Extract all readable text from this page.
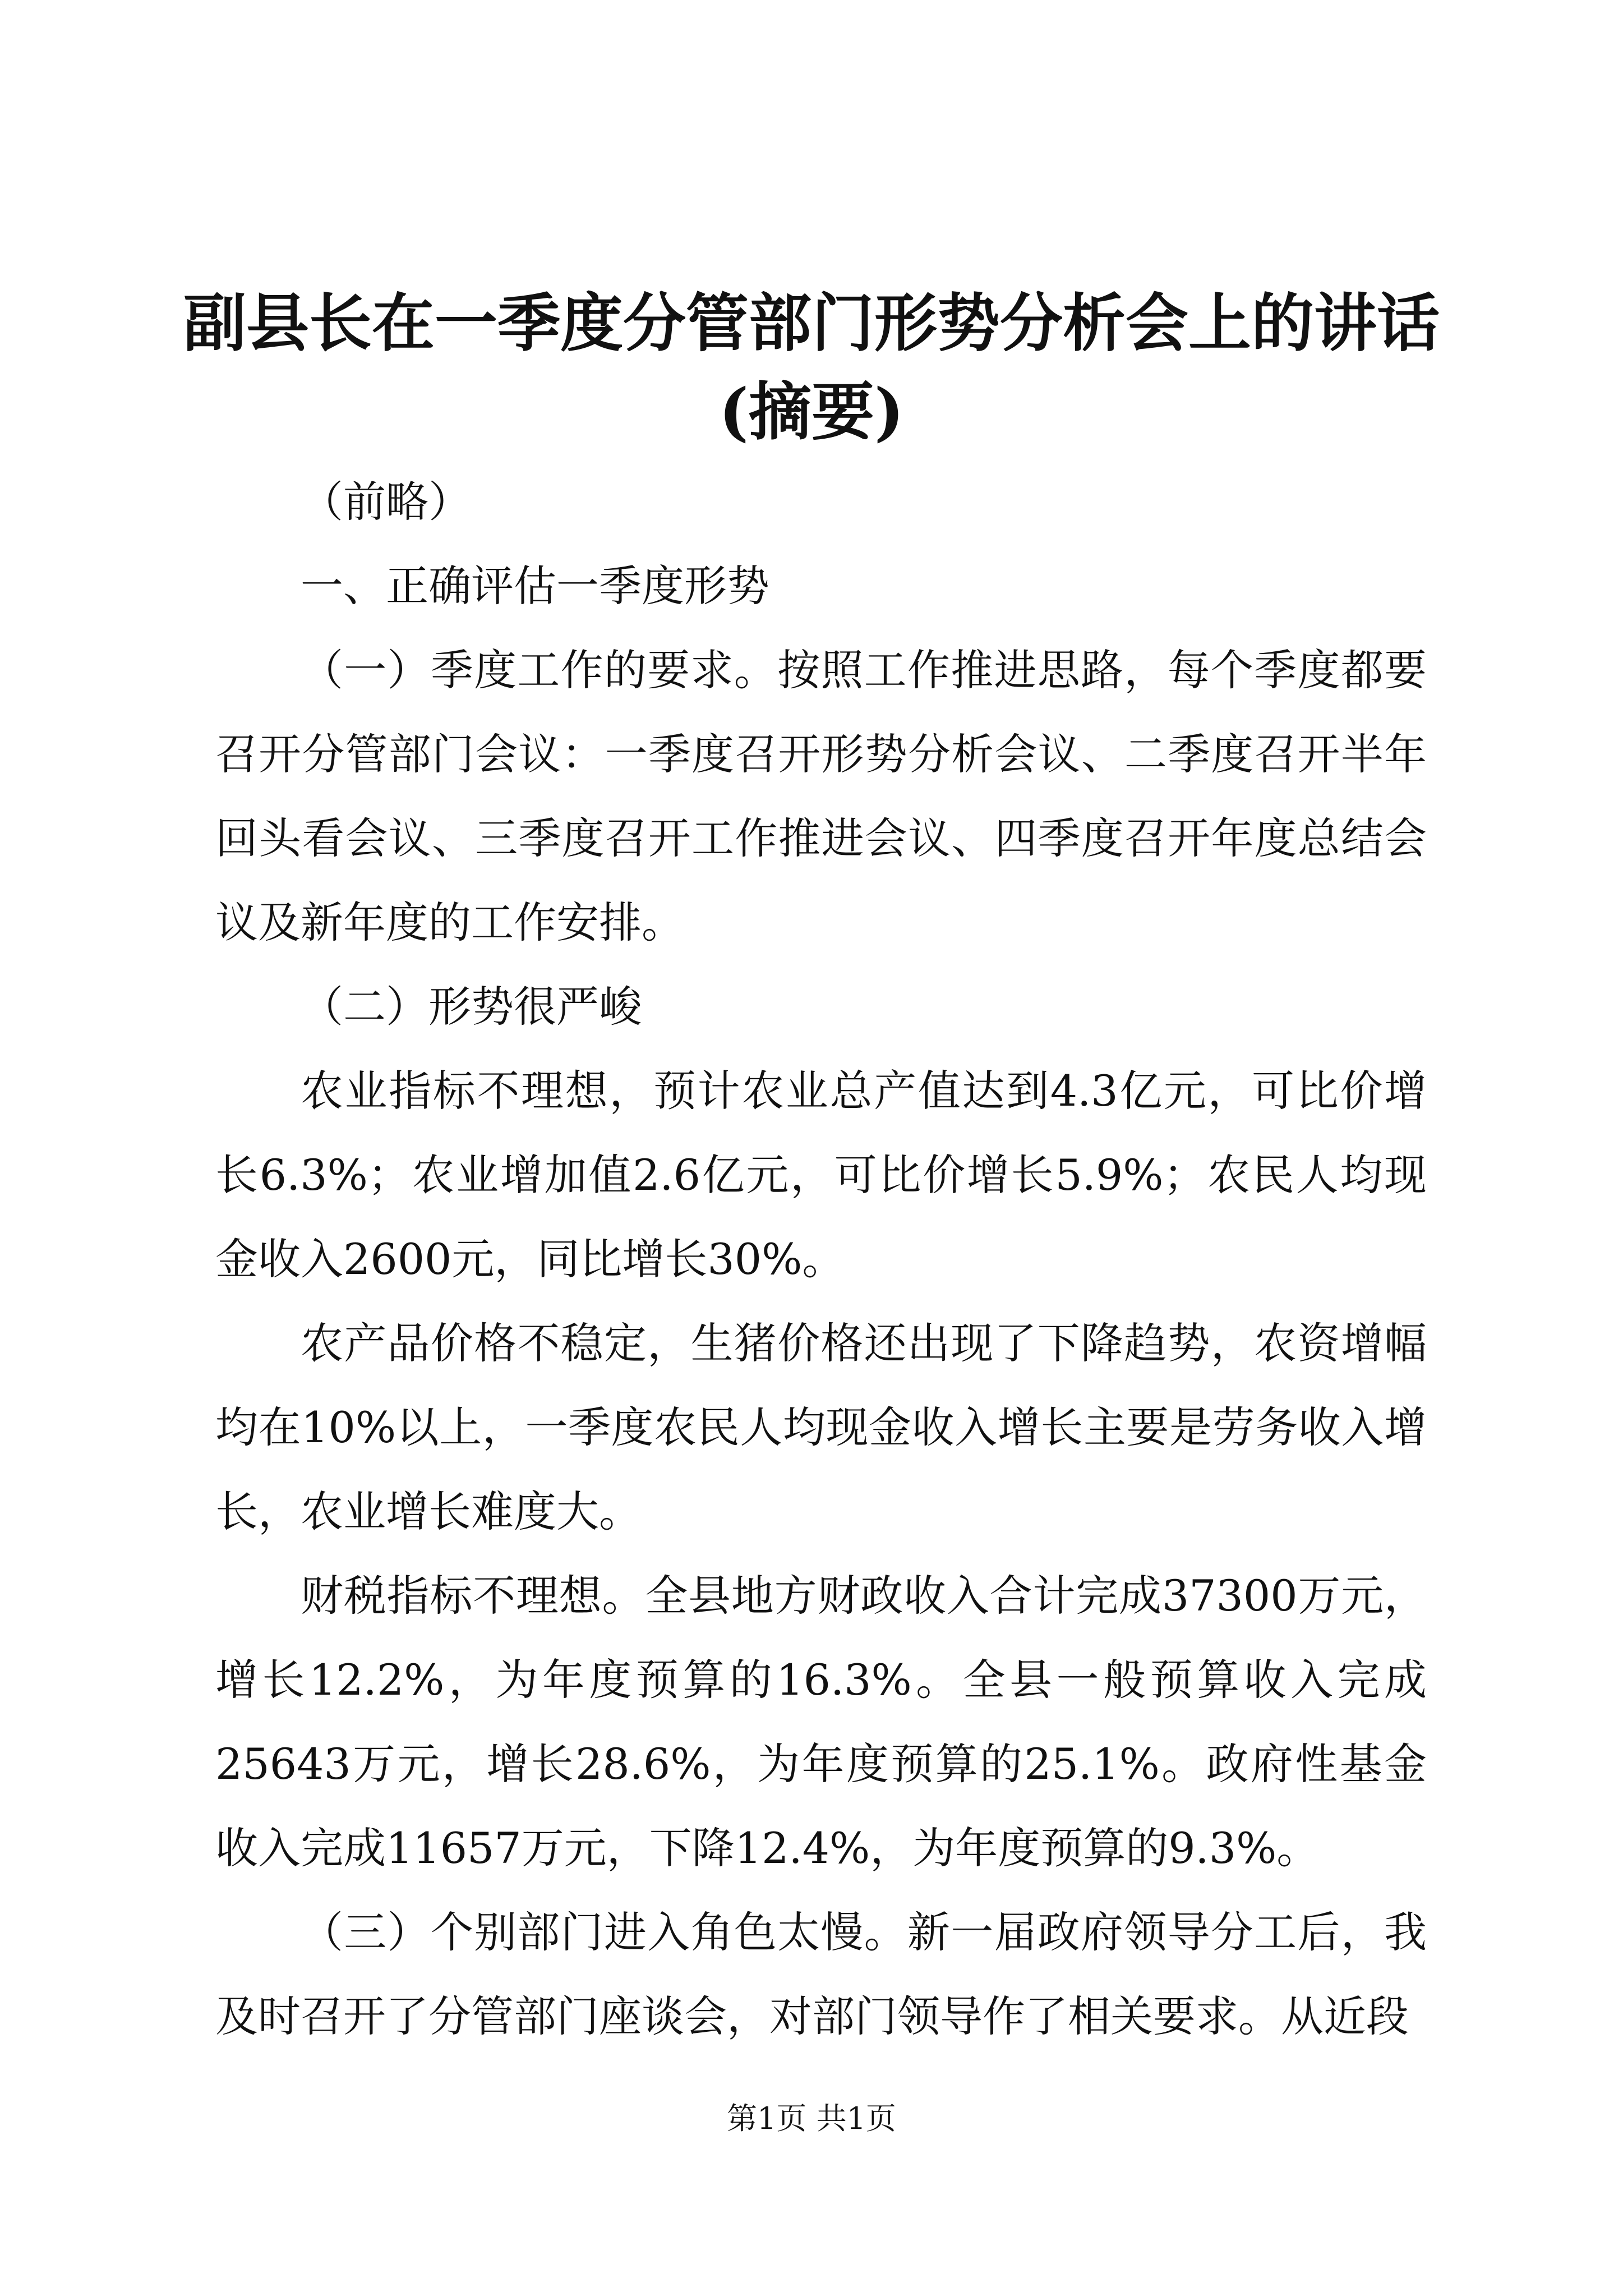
副县长在一季度分管部门形势分析会上的讲话(摘要)

（前略）

一、正确评估一季度形势

（一）季度工作的要求。按照工作推进思路，每个季度都要召开分管部门会议：一季度召开形势分析会议、二季度召开半年回头看会议、三季度召开工作推进会议、四季度召开年度总结会议及新年度的工作安排。

（二）形势很严峻

农业指标不理想，预计农业总产值达到4.3亿元，可比价增长6.3%；农业增加值2.6亿元，可比价增长5.9%；农民人均现金收入2600元，同比增长30%。

农产品价格不稳定，生猪价格还出现了下降趋势，农资增幅均在10%以上，一季度农民人均现金收入增长主要是劳务收入增长，农业增长难度大。

财税指标不理想。全县地方财政收入合计完成37300万元，增长12.2%，为年度预算的16.3%。全县一般预算收入完成25643万元，增长28.6%，为年度预算的25.1%。政府性基金收入完成11657万元，下降12.4%，为年度预算的9.3%。

（三）个别部门进入角色太慢。新一届政府领导分工后，我及时召开了分管部门座谈会，对部门领导作了相关要求。从近段

第1页 共1页
